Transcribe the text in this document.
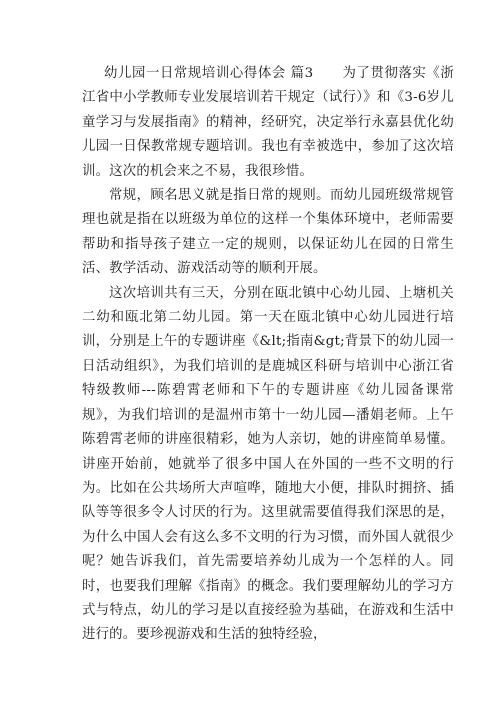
幼儿园一日常规培训心得体会 篇3 为了贯彻落实《浙江省中小学教师专业发展培训若干规定（试行）》和《3-6岁儿童学习与发展指南》的精神，经研究，决定举行永嘉县优化幼儿园一日保教常规专题培训。我也有幸被选中，参加了这次培训。这次的机会来之不易，我很珍惜。

常规，顾名思义就是指日常的规则。而幼儿园班级常规管理也就是指在以班级为单位的这样一个集体环境中，老师需要帮助和指导孩子建立一定的规则，以保证幼儿在园的日常生活、教学活动、游戏活动等的顺利开展。

这次培训共有三天，分别在瓯北镇中心幼儿园、上塘机关二幼和瓯北第二幼儿园。第一天在瓯北镇中心幼儿园进行培训，分别是上午的专题讲座《&lt;指南&gt;背景下的幼儿园一日活动组织》，为我们培训的是鹿城区科研与培训中心浙江省特级教师---陈碧霄老师和下午的专题讲座《幼儿园备课常规》，为我们培训的是温州市第十一幼儿园—潘娟老师。上午陈碧霄老师的讲座很精彩，她为人亲切，她的讲座简单易懂。讲座开始前，她就举了很多中国人在外国的一些不文明的行为。比如在公共场所大声喧哗，随地大小便，排队时拥挤、插队等等很多令人讨厌的行为。这里就需要值得我们深思的是，为什么中国人会有这么多不文明的行为习惯，而外国人就很少呢？她告诉我们，首先需要培养幼儿成为一个怎样的人。同时，也要我们理解《指南》的概念。我们要理解幼儿的学习方式与特点，幼儿的学习是以直接经验为基础，在游戏和生活中进行的。要珍视游戏和生活的独特经验，
